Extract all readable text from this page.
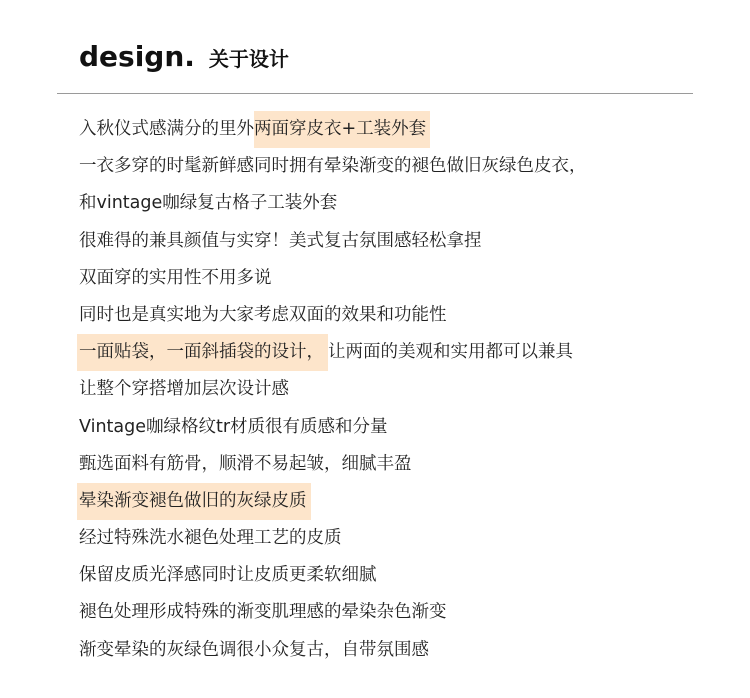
design. 关于设计
入秋仪式感满分的里外两面穿皮衣+工装外套
一衣多穿的时髦新鲜感同时拥有晕染渐变的褪色做旧灰绿色皮衣，
和vintage咖绿复古格子工装外套
很难得的兼具颜值与实穿！美式复古氛围感轻松拿捏
双面穿的实用性不用多说
同时也是真实地为大家考虑双面的效果和功能性
一面贴袋，一面斜插袋的设计， 让两面的美观和实用都可以兼具
让整个穿搭增加层次设计感
Vintage咖绿格纹tr材质很有质感和分量
甄选面料有筋骨，顺滑不易起皱，细腻丰盈
晕染渐变褪色做旧的灰绿皮质
经过特殊洗水褪色处理工艺的皮质
保留皮质光泽感同时让皮质更柔软细腻
褪色处理形成特殊的渐变肌理感的晕染杂色渐变
渐变晕染的灰绿色调很小众复古，自带氛围感
